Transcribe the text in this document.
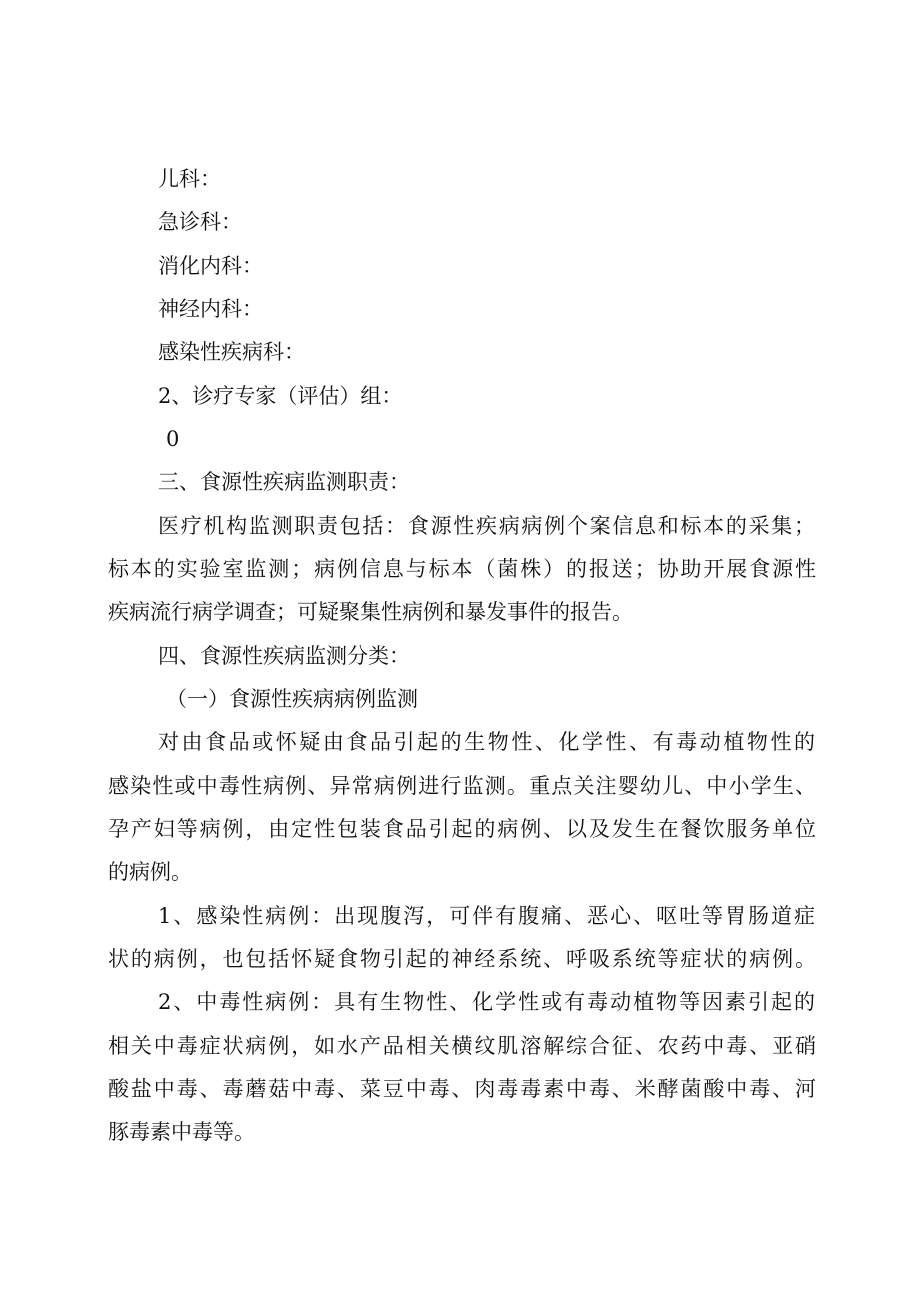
儿科：

急诊科：

消化内科：

神经内科：

感染性疾病科：

2、诊疗专家（评估）组：

0

三、食源性疾病监测职责：

医疗机构监测职责包括：食源性疾病病例个案信息和标本的采集；

标本的实验室监测；病例信息与标本（菌株）的报送；协助开展食源性

疾病流行病学调查；可疑聚集性病例和暴发事件的报告。

四、食源性疾病监测分类：

（一）食源性疾病病例监测

对由食品或怀疑由食品引起的生物性、化学性、有毒动植物性的

感染性或中毒性病例、异常病例进行监测。重点关注婴幼儿、中小学生、

孕产妇等病例，由定性包装食品引起的病例、以及发生在餐饮服务单位

的病例。

1、感染性病例：出现腹泻，可伴有腹痛、恶心、呕吐等胃肠道症

状的病例，也包括怀疑食物引起的神经系统、呼吸系统等症状的病例。

2、中毒性病例：具有生物性、化学性或有毒动植物等因素引起的

相关中毒症状病例，如水产品相关横纹肌溶解综合征、农药中毒、亚硝

酸盐中毒、毒蘑菇中毒、菜豆中毒、肉毒毒素中毒、米酵菌酸中毒、河

豚毒素中毒等。
